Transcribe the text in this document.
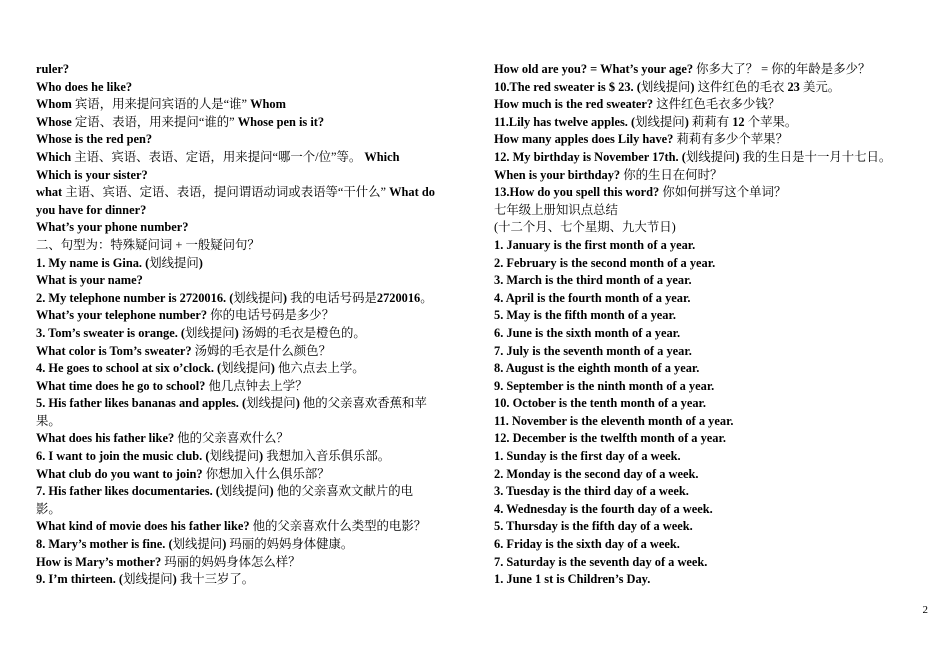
ruler?
Who does he like?
Whom 宾语，用来提问宾语的人是“谁” Whom
Whose 定语、表语，用来提问“谁的” Whose pen is it?
Whose is the red pen?
Which 主语、宾语、表语、定语，用来提问“哪一个/位”等。 Which
Which is your sister?
what 主语、宾语、定语、表语，提问谓语动词或表语等“干什么” What do
you have for dinner?
What’s your phone number?
二、句型为：特殊疑问词 + 一般疑问句？
1. My name is Gina. (划线提问)
What is your name?
2. My telephone number is 2720016. (划线提问) 我的电话号码是2720016。
What’s your telephone number? 你的电话号码是多少？
3. Tom’s sweater is orange. (划线提问) 汤姆的毛衣是橙色的。
What color is Tom’s sweater? 汤姆的毛衣是什么颜色？
4. He goes to school at six o’clock. (划线提问) 他六点去上学。
What time does he go to school? 他几点钟去上学？
5. His father likes bananas and apples. (划线提问) 他的父亲喜欢香蕉和苹
果。
What does his father like? 他的父亲喜欢什么？
6. I want to join the music club. (划线提问) 我想加入音乐俱乐部。
What club do you want to join? 你想加入什么俱乐部？
7. His father likes documentaries. (划线提问) 他的父亲喜欢文献片的电
影。
What kind of movie does his father like? 他的父亲喜欢什么类型的电影？
8. Mary’s mother is fine. (划线提问) 玛丽的妈妈身体健康。
How is Mary’s mother? 玛丽的妈妈身体怎么样？
9. I’m thirteen. (划线提问) 我十三岁了。
How old are you? = What’s your age? 你多大了？ = 你的年龄是多少？
10.The red sweater is $ 23. (划线提问) 这件红色的毛衣 23 美元。
How much is the red sweater? 这件红色毛衣多少钱？
11.Lily has twelve apples. (划线提问) 莉莉有 12 个苹果。
How many apples does Lily have? 莉莉有多少个苹果？
12. My birthday is November 17th. (划线提问) 我的生日是十一月十七日。
When is your birthday? 你的生日在何时？
13.How do you spell this word? 你如何拼写这个单词？
七年级上册知识点总结
(十二个月、七个星期、九大节日)
1. January is the first month of a year.
2. February is the second month of a year.
3. March is the third month of a year.
4. April is the fourth month of a year.
5. May is the fifth month of a year.
6. June is the sixth month of a year.
7. July is the seventh month of a year.
8. August is the eighth month of a year.
9. September is the ninth month of a year.
10. October is the tenth month of a year.
11. November is the eleventh month of a year.
12. December is the twelfth month of a year.
1. Sunday is the first day of a week.
2. Monday is the second day of a week.
3. Tuesday is the third day of a week.
4. Wednesday is the fourth day of a week.
5. Thursday is the fifth day of a week.
6. Friday is the sixth day of a week.
7. Saturday is the seventh day of a week.
1. June 1 st is Children’s Day.
2
